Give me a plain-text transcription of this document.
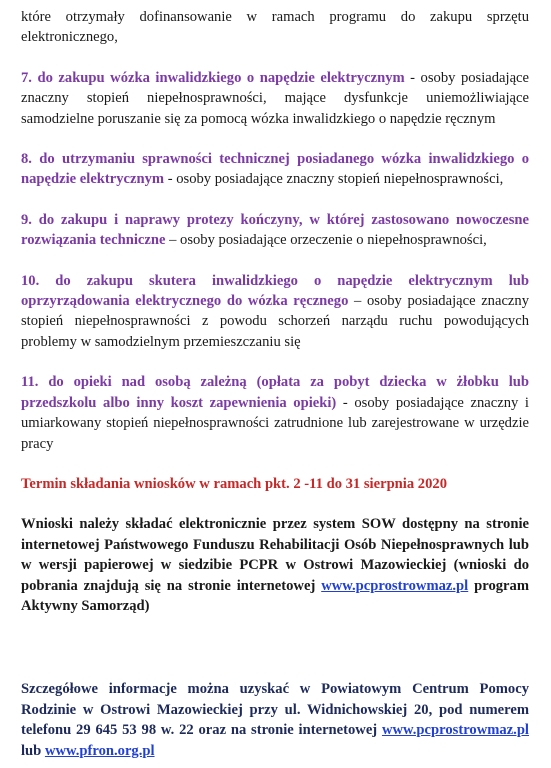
które otrzymały dofinansowanie w ramach programu do zakupu sprzętu elektronicznego,

7. do zakupu wózka inwalidzkiego o napędzie elektrycznym - osoby posiadające znaczny stopień niepełnosprawności, mające dysfunkcje uniemożliwiające samodzielne poruszanie się za pomocą wózka inwalidzkiego o napędzie ręcznym

8. do utrzymaniu sprawności technicznej posiadanego wózka inwalidzkiego o napędzie elektrycznym - osoby posiadające znaczny stopień niepełnosprawności,

9. do zakupu i naprawy protezy kończyny, w której zastosowano nowoczesne rozwiązania techniczne – osoby posiadające orzeczenie o niepełnosprawności,

10. do zakupu skutera inwalidzkiego o napędzie elektrycznym lub oprzyrządowania elektrycznego do wózka ręcznego – osoby posiadające znaczny stopień niepełnosprawności z powodu schorzeń narządu ruchu powodujących problemy w samodzielnym przemieszczaniu się

11. do opieki nad osobą zależną (opłata za pobyt dziecka w żłobku lub przedszkolu albo inny koszt zapewnienia opieki) - osoby posiadające znaczny i umiarkowany stopień niepełnosprawności zatrudnione lub zarejestrowane w urzędzie pracy

Termin składania wniosków w ramach pkt. 2 -11 do 31 sierpnia 2020

Wnioski należy składać elektronicznie przez system SOW dostępny na stronie internetowej Państwowego Funduszu Rehabilitacji Osób Niepełnosprawnych lub w wersji papierowej w siedzibie PCPR w Ostrowi Mazowieckiej (wnioski do pobrania znajdują się na stronie internetowej www.pcprostrowmaz.pl program Aktywny Samorząd)

Szczegółowe informacje można uzyskać w Powiatowym Centrum Pomocy Rodzinie w Ostrowi Mazowieckiej przy ul. Widnichowskiej 20, pod numerem telefonu 29 645 53 98 w. 22 oraz na stronie internetowej www.pcprostrowmaz.pl lub www.pfron.org.pl
